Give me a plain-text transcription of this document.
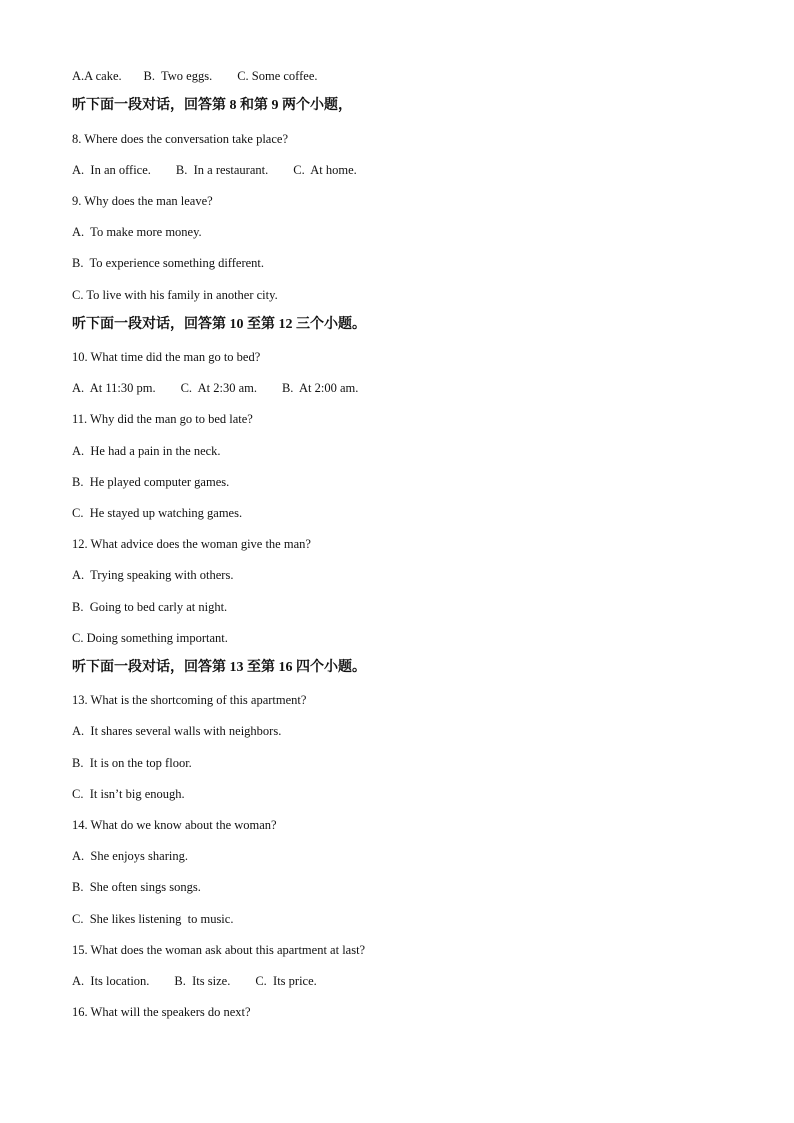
A.A cake.       B.  Two eggs.        C. Some coffee.
听下面一段对话，回答第 8 和第 9 两个小题，
8. Where does the conversation take place?
A.  In an office.        B.  In a restaurant.        C.  At home.
9. Why does the man leave?
A.  To make more money.
B.  To experience something different.
C. To live with his family in another city.
听下面一段对话，回答第 10 至第 12 三个小题。
10. What time did the man go to bed?
A.  At 11:30 pm.        C.  At 2:30 am.        B.  At 2:00 am.
11. Why did the man go to bed late?
A.  He had a pain in the neck.
B.  He played computer games.
C.  He stayed up watching games.
12. What advice does the woman give the man?
A.  Trying speaking with others.
B.  Going to bed carly at night.
C. Doing something important.
听下面一段对话，回答第 13 至第 16 四个小题。
13. What is the shortcoming of this apartment?
A.  It shares several walls with neighbors.
B.  It is on the top floor.
C.  It isn’t big enough.
14. What do we know about the woman?
A.  She enjoys sharing.
B.  She often sings songs.
C.  She likes listening  to music.
15. What does the woman ask about this apartment at last?
A.  Its location.        B.  Its size.        C.  Its price.
16. What will the speakers do next?
